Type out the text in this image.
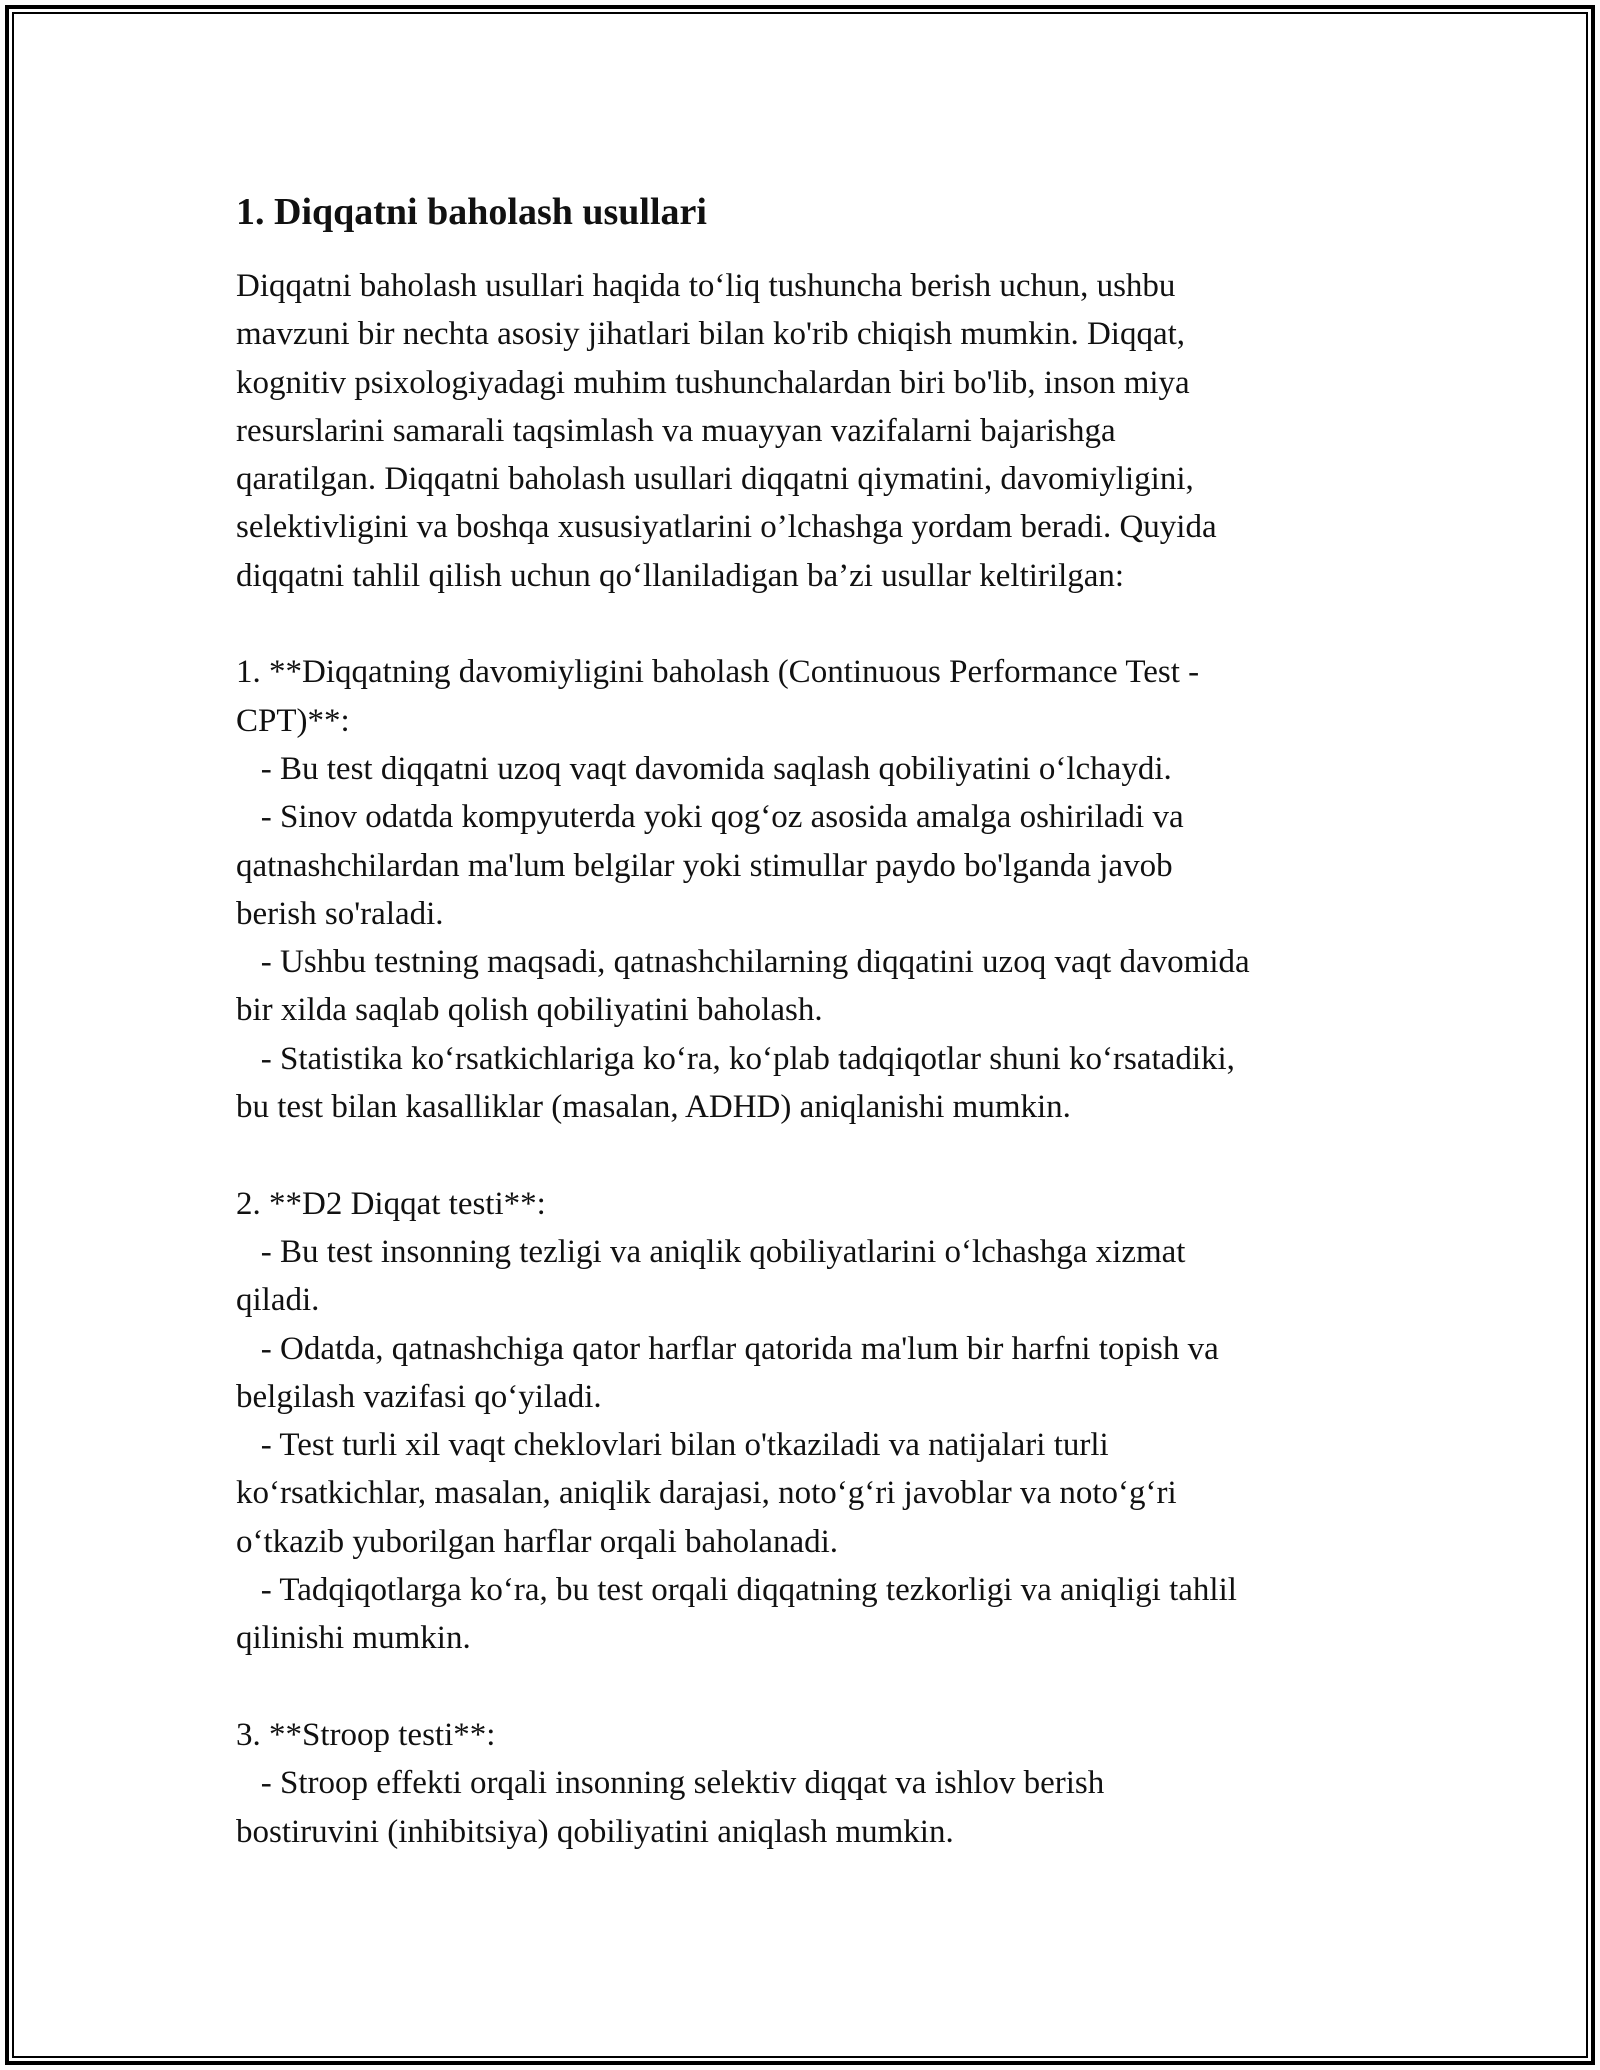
1. Diqqatni baholash usullari
Diqqatni baholash usullari haqida to‘liq tushuncha berish uchun, ushbu
mavzuni bir nechta asosiy jihatlari bilan ko'rib chiqish mumkin. Diqqat,
kognitiv psixologiyadagi muhim tushunchalardan biri bo'lib, inson miya
resurslarini samarali taqsimlash va muayyan vazifalarni bajarishga
qaratilgan. Diqqatni baholash usullari diqqatni qiymatini, davomiyligini,
selektivligini va boshqa xususiyatlarini o’lchashga yordam beradi. Quyida
diqqatni tahlil qilish uchun qo‘llaniladigan ba’zi usullar keltirilgan:
1. **Diqqatning davomiyligini baholash (Continuous Performance Test -
CPT)**:
- Bu test diqqatni uzoq vaqt davomida saqlash qobiliyatini o‘lchaydi.
- Sinov odatda kompyuterda yoki qog‘oz asosida amalga oshiriladi va
qatnashchilardan ma'lum belgilar yoki stimullar paydo bo'lganda javob
berish so'raladi.
- Ushbu testning maqsadi, qatnashchilarning diqqatini uzoq vaqt davomida
bir xilda saqlab qolish qobiliyatini baholash.
- Statistika ko‘rsatkichlariga ko‘ra, ko‘plab tadqiqotlar shuni ko‘rsatadiki,
bu test bilan kasalliklar (masalan, ADHD) aniqlanishi mumkin.
2. **D2 Diqqat testi**:
- Bu test insonning tezligi va aniqlik qobiliyatlarini o‘lchashga xizmat
qiladi.
- Odatda, qatnashchiga qator harflar qatorida ma'lum bir harfni topish va
belgilash vazifasi qo‘yiladi.
- Test turli xil vaqt cheklovlari bilan o'tkaziladi va natijalari turli
ko‘rsatkichlar, masalan, aniqlik darajasi, noto‘g‘ri javoblar va noto‘g‘ri
o‘tkazib yuborilgan harflar orqali baholanadi.
- Tadqiqotlarga ko‘ra, bu test orqali diqqatning tezkorligi va aniqligi tahlil
qilinishi mumkin.
3. **Stroop testi**:
- Stroop effekti orqali insonning selektiv diqqat va ishlov berish
bostiruvini (inhibitsiya) qobiliyatini aniqlash mumkin.
